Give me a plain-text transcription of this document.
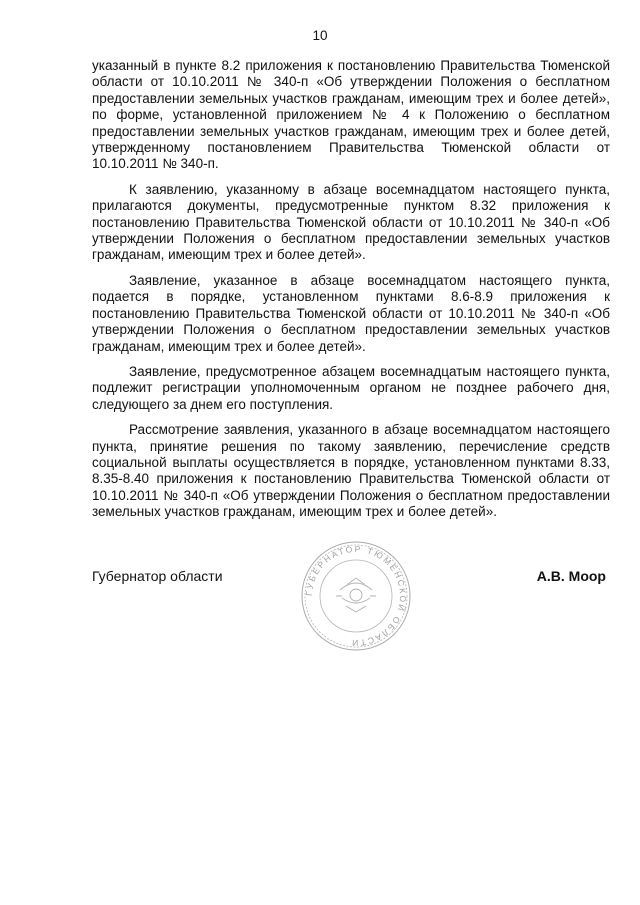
10

указанный в пункте 8.2 приложения к постановлению Правительства Тюменской области от 10.10.2011 № 340-п «Об утверждении Положения о бесплатном предоставлении земельных участков гражданам, имеющим трех и более детей», по форме, установленной приложением № 4 к Положению о бесплатном предоставлении земельных участков гражданам, имеющим трех и более детей, утвержденному постановлением Правительства Тюменской области от 10.10.2011 № 340-п.

К заявлению, указанному в абзаце восемнадцатом настоящего пункта, прилагаются документы, предусмотренные пунктом 8.32 приложения к постановлению Правительства Тюменской области от 10.10.2011 № 340-п «Об утверждении Положения о бесплатном предоставлении земельных участков гражданам, имеющим трех и более детей».

Заявление, указанное в абзаце восемнадцатом настоящего пункта, подается в порядке, установленном пунктами 8.6-8.9 приложения к постановлению Правительства Тюменской области от 10.10.2011 № 340-п «Об утверждении Положения о бесплатном предоставлении земельных участков гражданам, имеющим трех и более детей».

Заявление, предусмотренное абзацем восемнадцатым настоящего пункта, подлежит регистрации уполномоченным органом не позднее рабочего дня, следующего за днем его поступления.

Рассмотрение заявления, указанного в абзаце восемнадцатом настоящего пункта, принятие решения по такому заявлению, перечисление средств социальной выплаты осуществляется в порядке, установленном пунктами 8.33, 8.35-8.40 приложения к постановлению Правительства Тюменской области от 10.10.2011 № 340-п «Об утверждении Положения о бесплатном предоставлении земельных участков гражданам, имеющим трех и более детей».

ГУБЕРНАТОР ТЮМЕНСКОЙ ОБЛАСТИ
Губернатор области	А.В. Моор
